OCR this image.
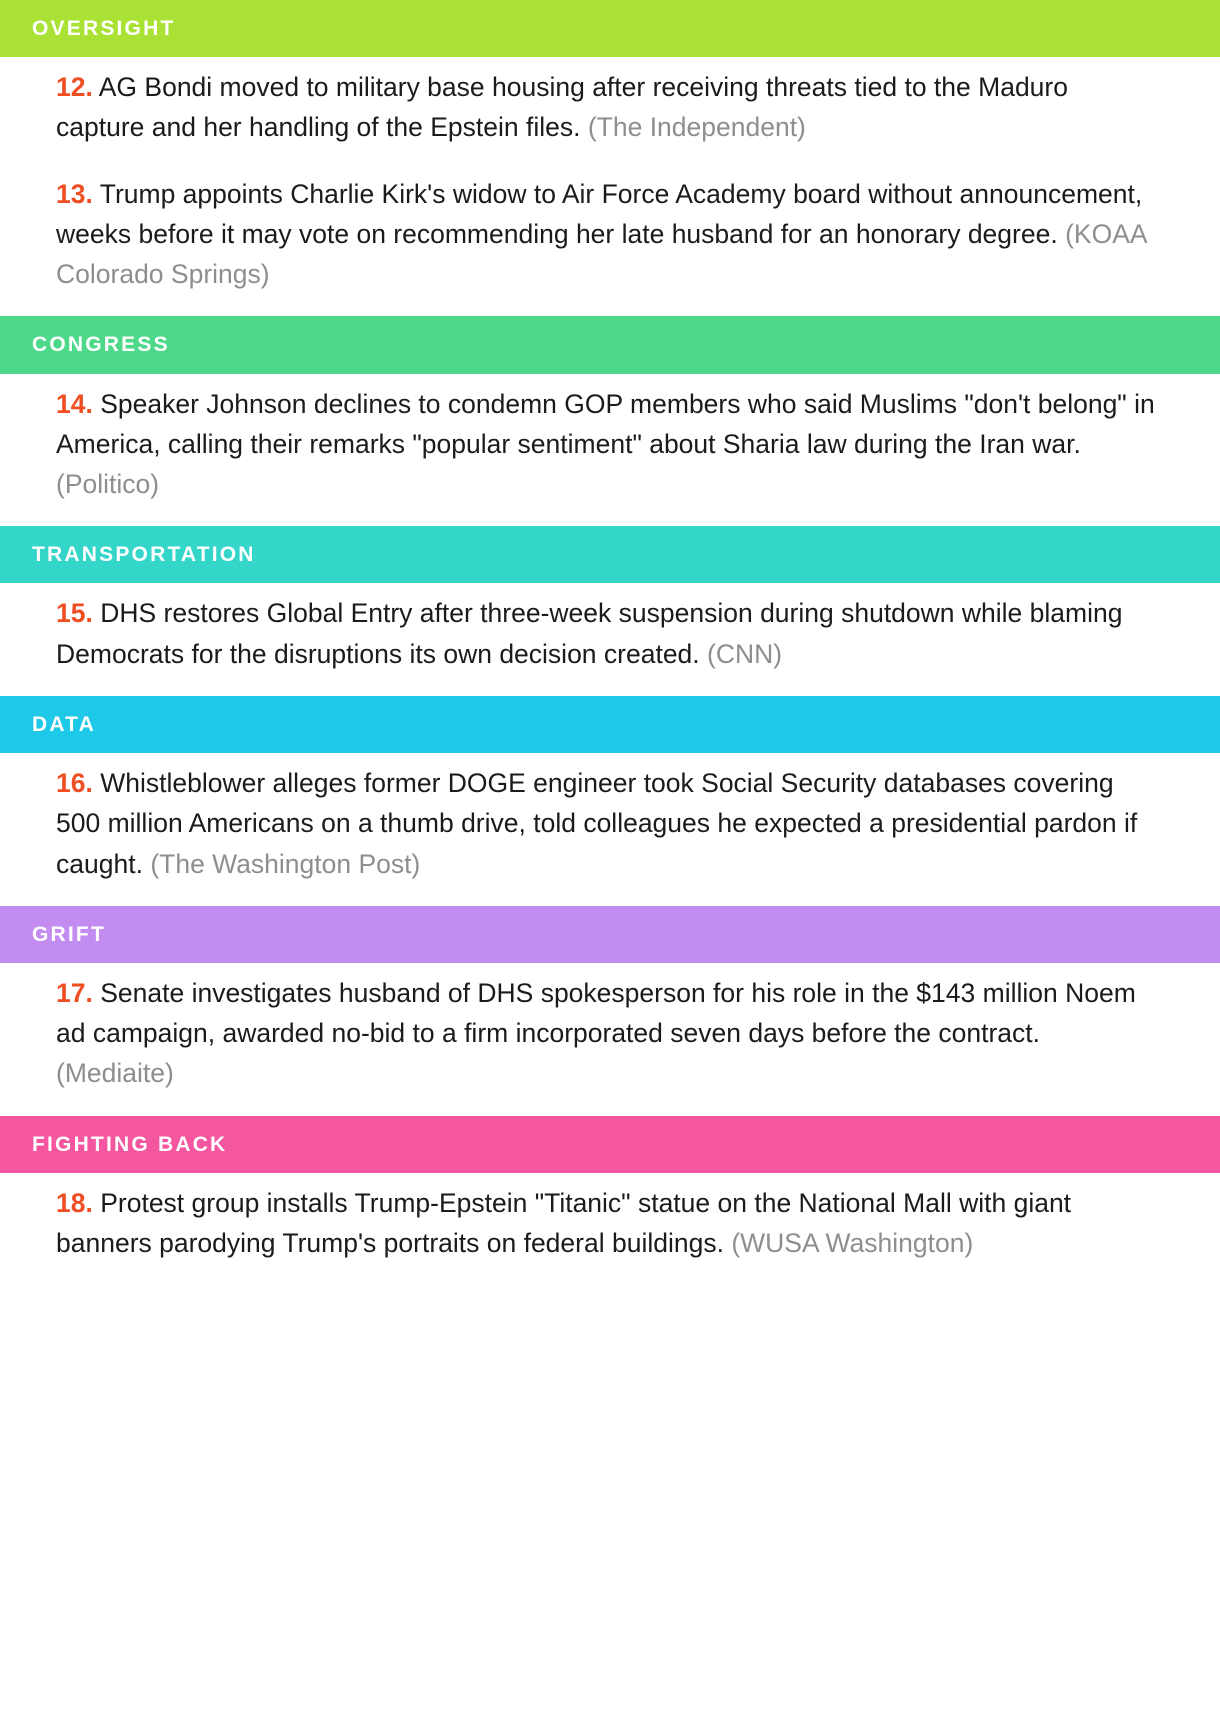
OVERSIGHT

12. AG Bondi moved to military base housing after receiving threats tied to the Maduro capture and her handling of the Epstein files. (The Independent)

13. Trump appoints Charlie Kirk's widow to Air Force Academy board without announcement, weeks before it may vote on recommending her late husband for an honorary degree. (KOAA Colorado Springs)

CONGRESS

14. Speaker Johnson declines to condemn GOP members who said Muslims "don't belong" in America, calling their remarks "popular sentiment" about Sharia law during the Iran war. (Politico)

TRANSPORTATION

15. DHS restores Global Entry after three-week suspension during shutdown while blaming Democrats for the disruptions its own decision created. (CNN)

DATA

16. Whistleblower alleges former DOGE engineer took Social Security databases covering 500 million Americans on a thumb drive, told colleagues he expected a presidential pardon if caught. (The Washington Post)

GRIFT

17. Senate investigates husband of DHS spokesperson for his role in the $143 million Noem ad campaign, awarded no-bid to a firm incorporated seven days before the contract. (Mediaite)

FIGHTING BACK

18. Protest group installs Trump-Epstein "Titanic" statue on the National Mall with giant banners parodying Trump's portraits on federal buildings. (WUSA Washington)
